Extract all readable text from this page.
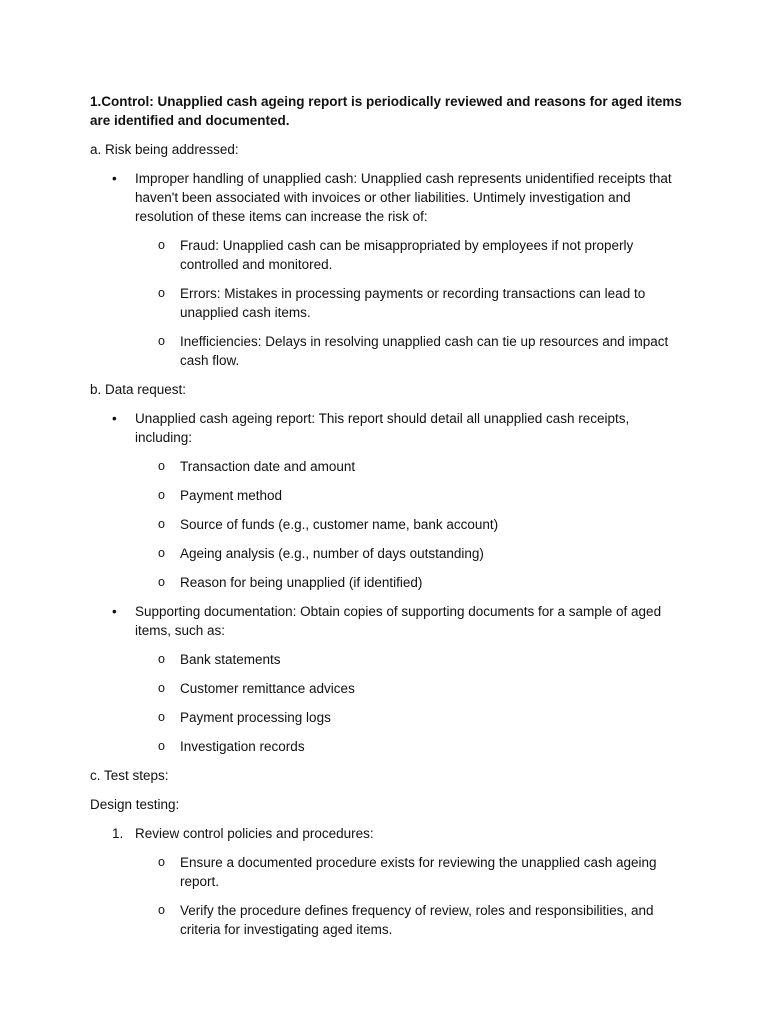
1.Control: Unapplied cash ageing report is periodically reviewed and reasons for aged items are identified and documented.
a. Risk being addressed:
• Improper handling of unapplied cash: Unapplied cash represents unidentified receipts that haven't been associated with invoices or other liabilities. Untimely investigation and resolution of these items can increase the risk of:
o Fraud: Unapplied cash can be misappropriated by employees if not properly controlled and monitored.
o Errors: Mistakes in processing payments or recording transactions can lead to unapplied cash items.
o Inefficiencies: Delays in resolving unapplied cash can tie up resources and impact cash flow.
b. Data request:
• Unapplied cash ageing report: This report should detail all unapplied cash receipts, including:
o Transaction date and amount
o Payment method
o Source of funds (e.g., customer name, bank account)
o Ageing analysis (e.g., number of days outstanding)
o Reason for being unapplied (if identified)
• Supporting documentation: Obtain copies of supporting documents for a sample of aged items, such as:
o Bank statements
o Customer remittance advices
o Payment processing logs
o Investigation records
c. Test steps:
Design testing:
1. Review control policies and procedures:
o Ensure a documented procedure exists for reviewing the unapplied cash ageing report.
o Verify the procedure defines frequency of review, roles and responsibilities, and criteria for investigating aged items.
